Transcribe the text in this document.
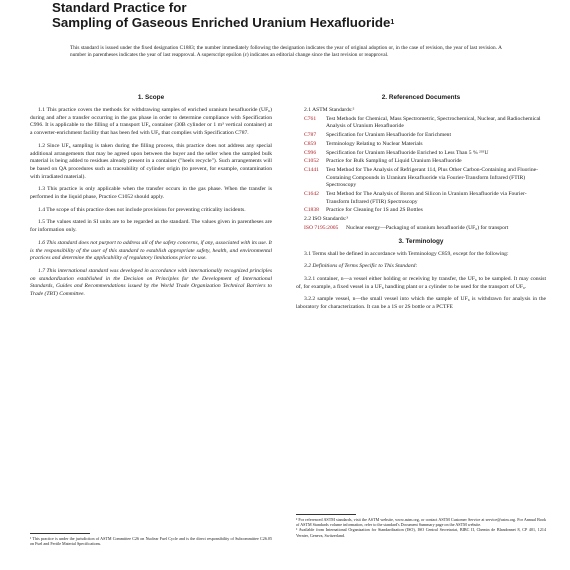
Standard Practice for
Sampling of Gaseous Enriched Uranium Hexafluoride$^1$
This standard is issued under the fixed designation C1883; the number immediately following the designation indicates the year of original adoption or, in the case of revision, the year of last revision. A number in parentheses indicates the year of last reapproval. A superscript epsilon (ε) indicates an editorial change since the last revision or reapproval.
1. Scope

1.1 This practice covers the methods for withdrawing samples of enriched uranium hexafluoride (UF₆) during and after a transfer occurring in the gas phase in order to determine compliance with Specification C996. It is applicable to the filling of a transport UF₆ container (30B cylinder or 1 m³ vertical container) at a converter-enrichment facility that has been fed with UF₆ that complies with Specification C787.

1.2 Since UF₆ sampling is taken during the filling process, this practice does not address any special additional arrangements that may be agreed upon between the buyer and the seller when the sampled bulk material is being added to residues already present in a container ("heels recycle"). Such arrangements will be based on QA procedures such as traceability of cylinder origin (to prevent, for example, contamination with irradiated material).

1.3 This practice is only applicable when the transfer occurs in the gas phase. When the transfer is performed in the liquid phase, Practice C1052 should apply.

1.4 The scope of this practice does not include provisions for preventing criticality incidents.

1.5 The values stated in SI units are to be regarded as the standard. The values given in parentheses are for information only.

1.6 This standard does not purport to address all of the safety concerns, if any, associated with its use. It is the responsibility of the user of this standard to establish appropriate safety, health, and environmental practices and determine the applicability of regulatory limitations prior to use.

1.7 This international standard was developed in accordance with internationally recognized principles on standardization established in the Decision on Principles for the Development of International Standards, Guides and Recommendations issued by the World Trade Organization Technical Barriers to Trade (TBT) Committee.

2. Referenced Documents
2.1 ASTM Standards:²
C761	Test Methods for Chemical, Mass Spectrometric, Spectrochemical, Nuclear, and Radiochemical Analysis of Uranium Hexafluoride
C787	Specification for Uranium Hexafluoride for Enrichment
C859	Terminology Relating to Nuclear Materials
C996	Specification for Uranium Hexafluoride Enriched to Less Than 5 % ²³⁵U
C1052	Practice for Bulk Sampling of Liquid Uranium Hexafluoride
C1441	Test Method for The Analysis of Refrigerant 114, Plus Other Carbon-Containing and Fluorine-Containing Compounds in Uranium Hexafluoride via Fourier-Transform Infrared (FTIR) Spectroscopy
C1642	Test Method for The Analysis of Boron and Silicon in Uranium Hexafluoride via Fourier-Transform Infrared (FTIR) Spectroscopy
C1838	Practice for Cleaning for 1S and 2S Bottles
2.2 ISO Standards:³
ISO 7195:2005	Nuclear energy—Packaging of uranium hexafluoride (UF₆) for transport
3. Terminology

3.1 Terms shall be defined in accordance with Terminology C859, except for the following:

3.2 Definitions of Terms Specific to This Standard:

3.2.1 container, n—a vessel either holding or receiving by transfer, the UF₆ to be sampled. It may consist of, for example, a fixed vessel in a UF₆ handling plant or a cylinder to be used for the transport of UF₆.

3.2.2 sample vessel, n—the small vessel into which the sample of UF₆ is withdrawn for analysis in the laboratory for characterization. It can be a 1S or 2S bottle or a PCTFE

¹ This practice is under the jurisdiction of ASTM Committee C26 on Nuclear Fuel Cycle and is the direct responsibility of Subcommittee C26.05 on Fuel and Fertile Material Specifications.
² For referenced ASTM standards, visit the ASTM website, www.astm.org, or contact ASTM Customer Service at service@astm.org. For Annual Book of ASTM Standards volume information, refer to the standard's Document Summary page on the ASTM website.
³ Available from International Organization for Standardization (ISO), ISO Central Secretariat, BIBC II, Chemin de Blandonnet 8, CP 401, 1214 Vernier, Geneva, Switzerland.
